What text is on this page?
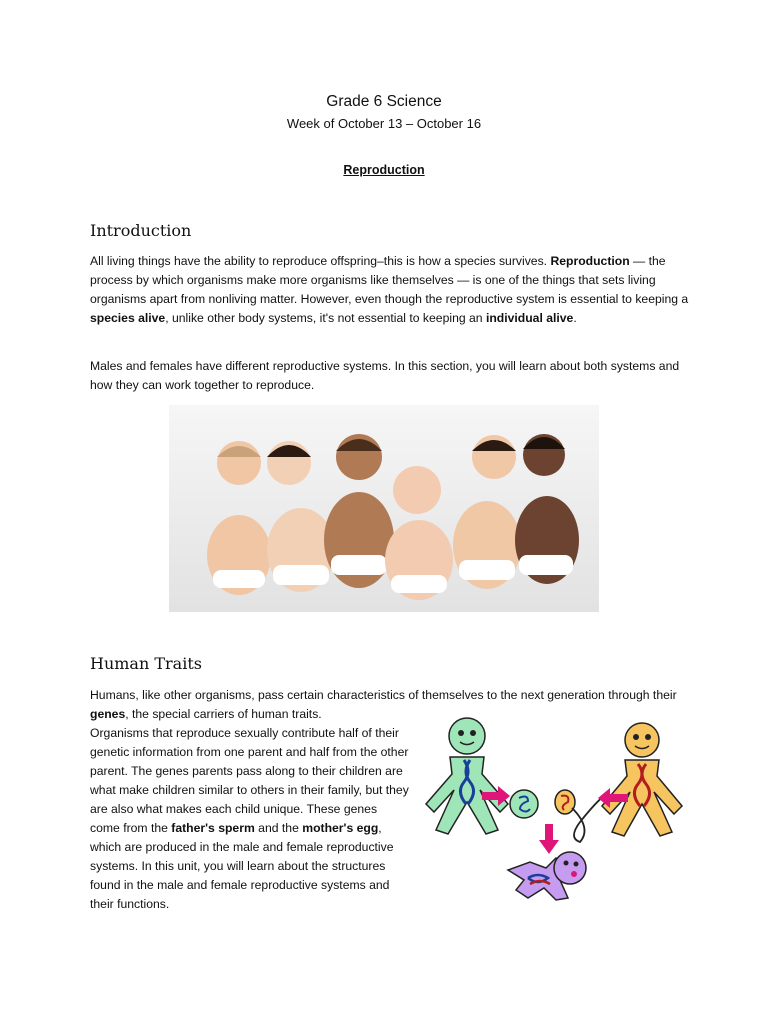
Grade 6 Science
Week of October 13 – October 16
Reproduction
Introduction

All living things have the ability to reproduce offspring–this is how a species survives. Reproduction — the process by which organisms make more organisms like themselves — is one of the things that sets living organisms apart from nonliving matter. However, even though the reproductive system is essential to keeping a species alive, unlike other body systems, it's not essential to keeping an individual alive.

Males and females have different reproductive systems. In this section, you will learn about both systems and how they can work together to reproduce.

Human Traits

Humans, like other organisms, pass certain characteristics of themselves to the next generation through their genes, the special carriers of human traits.

Organisms that reproduce sexually contribute half of their genetic information from one parent and half from the other parent. The genes parents pass along to their children are what make children similar to others in their family, but they are also what makes each child unique. These genes come from the father's sperm and the mother's egg, which are produced in the male and female reproductive systems. In this unit, you will learn about the structures found in the male and female reproductive systems and their functions.
